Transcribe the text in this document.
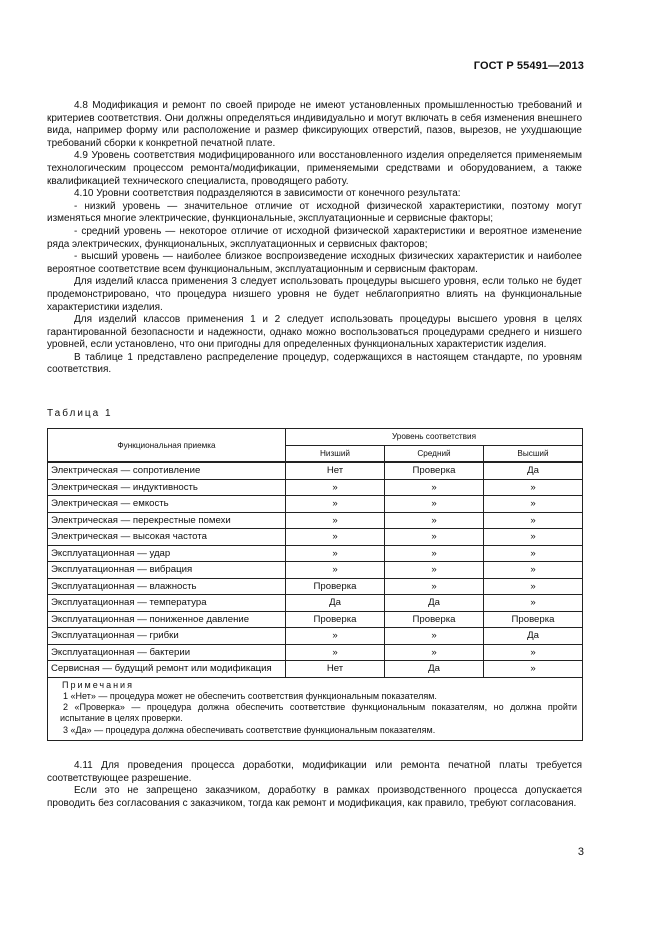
ГОСТ Р 55491—2013

4.8 Модификация и ремонт по своей природе не имеют установленных промышленностью требований и критериев соответствия. Они должны определяться индивидуально и могут включать в себя изменения внешнего вида, например форму или расположение и размер фиксирующих отверстий, пазов, вырезов, не ухудшающие требований сборки к конкретной печатной плате.

4.9 Уровень соответствия модифицированного или восстановленного изделия определяется применяемым технологическим процессом ремонта/модификации, применяемыми средствами и оборудованием, а также квалификацией технического специалиста, проводящего работу.

4.10 Уровни соответствия подразделяются в зависимости от конечного результата:

- низкий уровень — значительное отличие от исходной физической характеристики, поэтому могут изменяться многие электрические, функциональные, эксплуатационные и сервисные факторы;

- средний уровень — некоторое отличие от исходной физической характеристики и вероятное изменение ряда электрических, функциональных, эксплуатационных и сервисных факторов;

- высший уровень — наиболее близкое воспроизведение исходных физических характеристик и наиболее вероятное соответствие всем функциональным, эксплуатационным и сервисным факторам.

Для изделий класса применения 3 следует использовать процедуры высшего уровня, если только не будет продемонстрировано, что процедура низшего уровня не будет неблагоприятно влиять на функциональные характеристики изделия.

Для изделий классов применения 1 и 2 следует использовать процедуры высшего уровня в целях гарантированной безопасности и надежности, однако можно воспользоваться процедурами среднего и низшего уровней, если установлено, что они пригодны для определенных функциональных характеристик изделия.

В таблице 1 представлено распределение процедур, содержащихся в настоящем стандарте, по уровням соответствия.

Таблица 1
Функциональная приемка	Уровень соответствия		
	Низший	Средний	Высший
Электрическая — сопротивление	Нет	Проверка	Да
Электрическая — индуктивность	»	»	»
Электрическая — емкость	»	»	»
Электрическая — перекрестные помехи	»	»	»
Электрическая — высокая частота	»	»	»
Эксплуатационная — удар	»	»	»
Эксплуатационная — вибрация	»	»	»
Эксплуатационная — влажность	Проверка	»	»
Эксплуатационная — температура	Да	Да	»
Эксплуатационная — пониженное давление	Проверка	Проверка	Проверка
Эксплуатационная — грибки	»	»	Да
Эксплуатационная — бактерии	»	»	»
Сервисная — будущий ремонт или модификация	Нет	Да	»

Примечания
1 «Нет» — процедура может не обеспечить соответствия функциональным показателям.
2 «Проверка» — процедура должна обеспечить соответствие функциональным показателям, но должна пройти испытание в целях проверки.
3 «Да» — процедура должна обеспечивать соответствие функциональным показателям.			

4.11 Для проведения процесса доработки, модификации или ремонта печатной платы требуется соответствующее разрешение.

Если это не запрещено заказчиком, доработку в рамках производственного процесса допускается проводить без согласования с заказчиком, тогда как ремонт и модификация, как правило, требуют согласования.

3
